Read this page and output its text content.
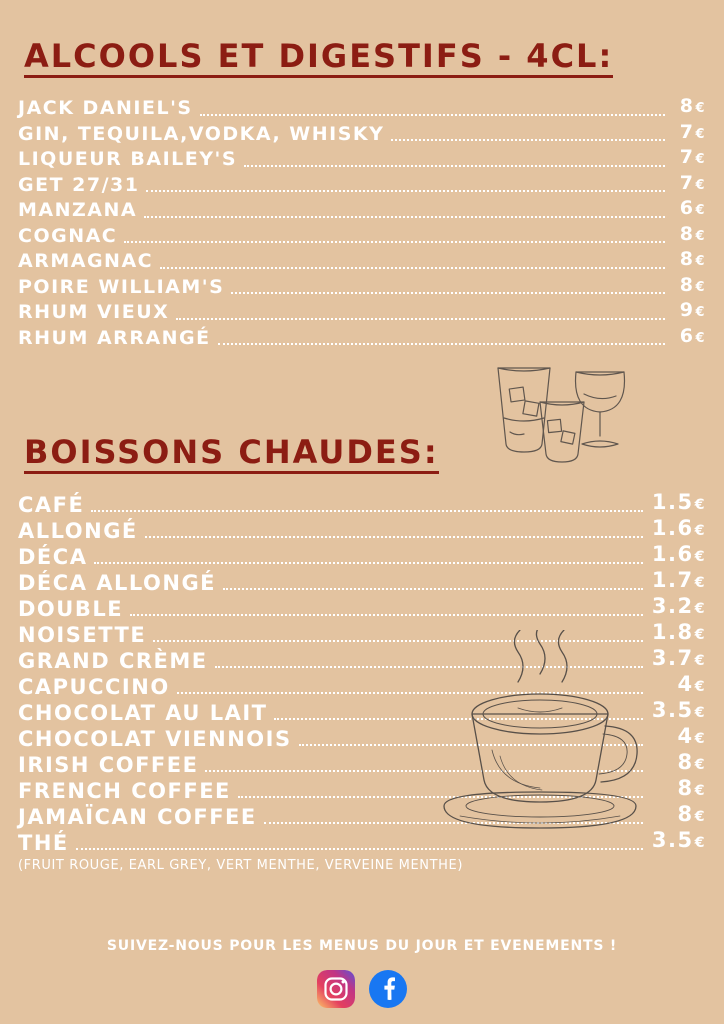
ALCOOLS ET DIGESTIFS - 4CL:
JACK DANIEL'S	8€
GIN, TEQUILA,VODKA, WHISKY	7€
LIQUEUR BAILEY'S	7€
GET 27/31	7€
MANZANA	6€
COGNAC	8€
ARMAGNAC	8€
POIRE WILLIAM'S	8€
RHUM VIEUX	9€
RHUM ARRANGÉ	6€
BOISSONS CHAUDES:
CAFÉ	1.5€
ALLONGÉ	1.6€
DÉCA	1.6€
DÉCA ALLONGÉ	1.7€
DOUBLE	3.2€
NOISETTE	1.8€
GRAND CRÈME	3.7€
CAPUCCINO	4€
CHOCOLAT AU LAIT	3.5€
CHOCOLAT VIENNOIS	4€
IRISH COFFEE	8€
FRENCH COFFEE	8€
JAMAÏCAN COFFEE	8€
THÉ	3.5€
(FRUIT ROUGE, EARL GREY, VERT MENTHE, VERVEINE MENTHE)
SUIVEZ-NOUS POUR LES MENUS DU JOUR ET EVENEMENTS !
